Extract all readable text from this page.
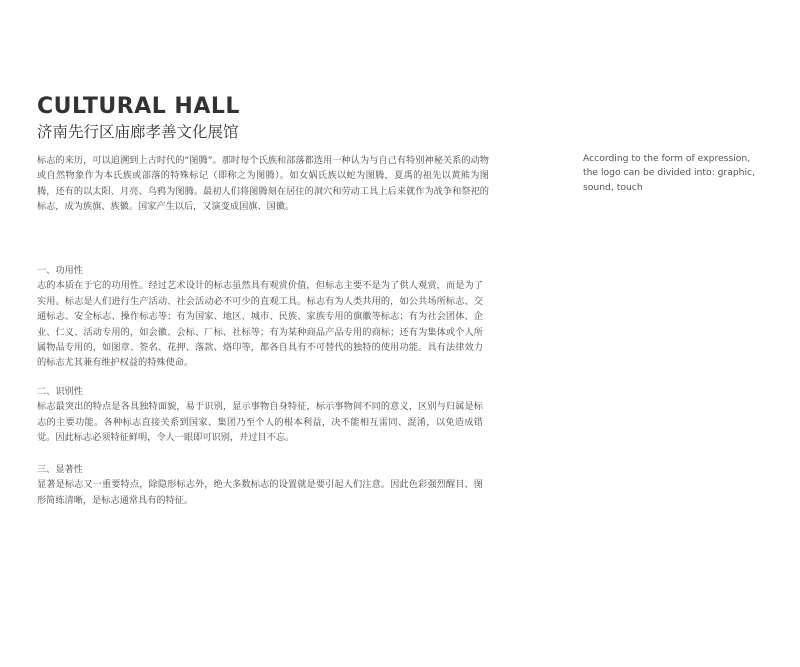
CULTURAL HALL
济南先行区庙廊孝善文化展馆

标志的来历，可以追溯到上古时代的“图腾”。那时每个氏族和部落都选用一种认为与自己有特别神秘关系的动物或自然物象作为本氏族或部落的特殊标记（即称之为图腾）。如女娲氏族以蛇为图腾，夏禹的祖先以黄熊为图腾，还有的以太阳、月亮、乌鸦为图腾。最初人们将图腾刻在居住的洞穴和劳动工具上后来就作为战争和祭祀的标志，成为族旗、族徽。国家产生以后，又演变成国旗、国徽。

According to the form of expression, the logo can be divided into: graphic, sound, touch

一、功用性

志的本质在于它的功用性。经过艺术设计的标志虽然具有观赏价值，但标志主要不是为了供人观赏，而是为了实用。标志是人们进行生产活动、社会活动必不可少的直观工具。标志有为人类共用的，如公共场所标志、交通标志、安全标志、操作标志等；有为国家、地区、城市、民族、家族专用的旗徽等标志；有为社会团体、企业、仁义、活动专用的，如会徽、会标、厂标、社标等；有为某种商品产品专用的商标；还有为集体或个人所属物品专用的，如图章、签名、花押、落款、烙印等，都各自具有不可替代的独特的使用功能。具有法律效力的标志尤其兼有维护权益的特殊使命。

二、识别性

标志最突出的特点是各具独特面貌，易于识别，显示事物自身特征，标示事物间不同的意义，区别与归属是标志的主要功能。各种标志直接关系到国家、集团乃至个人的根本利益，决不能相互雷同、混淆，以免造成错觉。因此标志必须特征鲜明，令人一眼即可识别，并过目不忘。

三、显著性

显著是标志又一重要特点，除隐形标志外，绝大多数标志的设置就是要引起人们注意。因此色彩强烈醒目、图形简练清晰，是标志通常具有的特征。
